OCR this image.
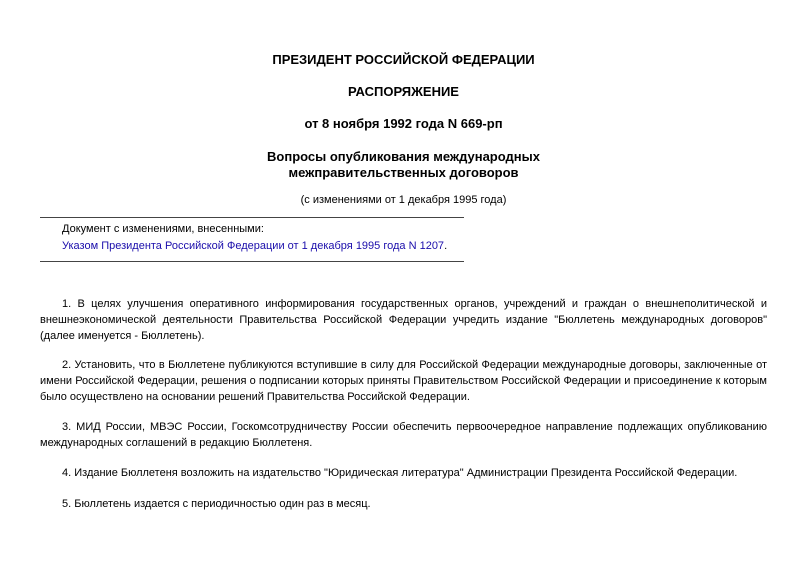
ПРЕЗИДЕНТ РОССИЙСКОЙ ФЕДЕРАЦИИ
РАСПОРЯЖЕНИЕ
от 8 ноября 1992 года N 669-рп
Вопросы опубликования международных
межправительственных договоров
(с изменениями от 1 декабря 1995 года)
Документ с изменениями, внесенными:
Указом Президента Российской Федерации от 1 декабря 1995 года N 1207.

1. В целях улучшения оперативного информирования государственных органов, учреждений и граждан о внешнеполитической и внешнеэкономической деятельности Правительства Российской Федерации учредить издание "Бюллетень международных договоров" (далее именуется - Бюллетень).

2. Установить, что в Бюллетене публикуются вступившие в силу для Российской Федерации международные договоры, заключенные от имени Российской Федерации, решения о подписании которых приняты Правительством Российской Федерации и присоединение к которым было осуществлено на основании решений Правительства Российской Федерации.

3. МИД России, МВЭС России, Госкомсотрудничеству России обеспечить первоочередное направление подлежащих опубликованию международных соглашений в редакцию Бюллетеня.

4. Издание Бюллетеня возложить на издательство "Юридическая литература" Администрации Президента Российской Федерации.

5. Бюллетень издается с периодичностью один раз в месяц.
